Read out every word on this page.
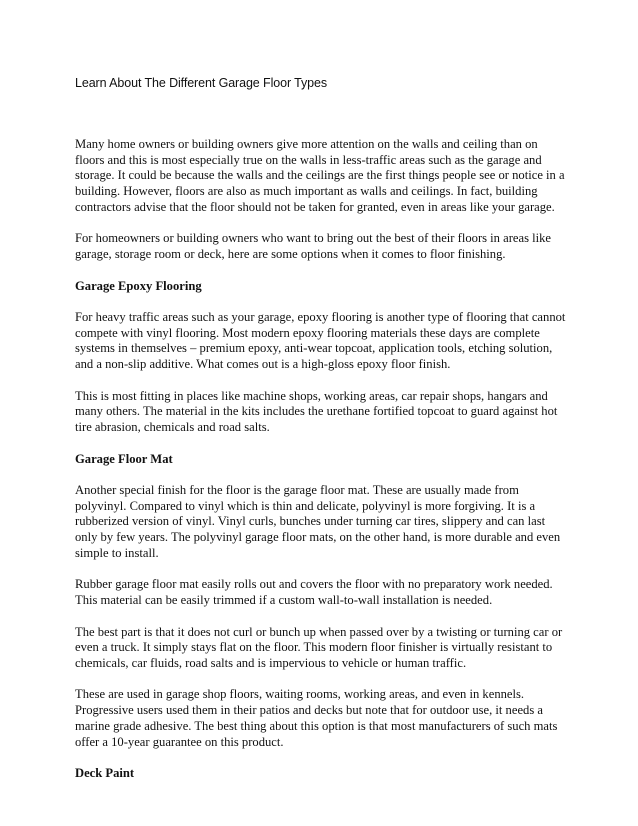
Learn About The Different Garage Floor Types

Many home owners or building owners give more attention on the walls and ceiling than on
floors and this is most especially true on the walls in less-traffic areas such as the garage and
storage. It could be because the walls and the ceilings are the first things people see or notice in a
building. However, floors are also as much important as walls and ceilings. In fact, building
contractors advise that the floor should not be taken for granted, even in areas like your garage.

For homeowners or building owners who want to bring out the best of their floors in areas like
garage, storage room or deck, here are some options when it comes to floor finishing.

Garage Epoxy Flooring

For heavy traffic areas such as your garage, epoxy flooring is another type of flooring that cannot
compete with vinyl flooring. Most modern epoxy flooring materials these days are complete
systems in themselves – premium epoxy, anti-wear topcoat, application tools, etching solution,
and a non-slip additive. What comes out is a high-gloss epoxy floor finish.

This is most fitting in places like machine shops, working areas, car repair shops, hangars and
many others. The material in the kits includes the urethane fortified topcoat to guard against hot
tire abrasion, chemicals and road salts.

Garage Floor Mat

Another special finish for the floor is the garage floor mat. These are usually made from
polyvinyl. Compared to vinyl which is thin and delicate, polyvinyl is more forgiving. It is a
rubberized version of vinyl. Vinyl curls, bunches under turning car tires, slippery and can last
only by few years. The polyvinyl garage floor mats, on the other hand, is more durable and even
simple to install.

Rubber garage floor mat easily rolls out and covers the floor with no preparatory work needed.
This material can be easily trimmed if a custom wall-to-wall installation is needed.

The best part is that it does not curl or bunch up when passed over by a twisting or turning car or
even a truck. It simply stays flat on the floor. This modern floor finisher is virtually resistant to
chemicals, car fluids, road salts and is impervious to vehicle or human traffic.

These are used in garage shop floors, waiting rooms, working areas, and even in kennels.
Progressive users used them in their patios and decks but note that for outdoor use, it needs a
marine grade adhesive. The best thing about this option is that most manufacturers of such mats
offer a 10-year guarantee on this product.

Deck Paint
